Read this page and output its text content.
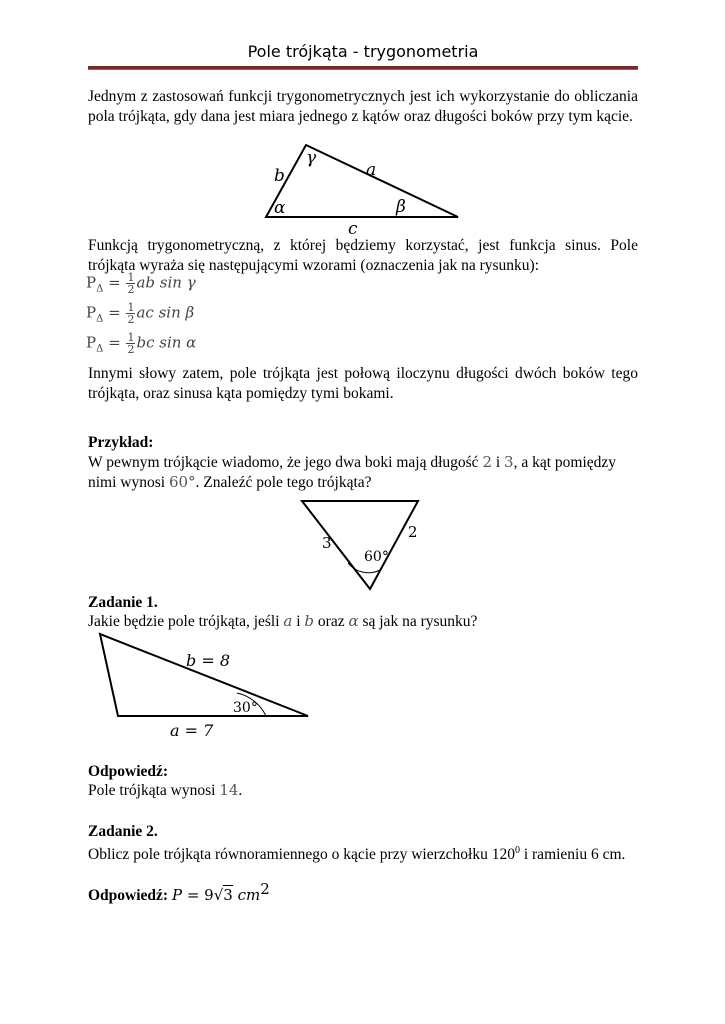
Pole trójkąta - trygonometria
Jednym z zastosowań funkcji trygonometrycznych jest ich wykorzystanie do obliczania pola trójkąta, gdy dana jest miara jednego z kątów oraz długości boków przy tym kącie.
γ
a
b
α	β
c
Funkcją trygonometryczną, z której będziemy korzystać, jest funkcja sinus. Pole trójkąta wyraża się następującymi wzorami (oznaczenia jak na rysunku):
$P_\Delta = \frac{1}{2}$ ab sin γ
$P_\Delta = \frac{1}{2}$ ac sin β
$P_\Delta = \frac{1}{2}$ bc sin α
Innymi słowy zatem, pole trójkąta jest połową iloczynu długości dwóch boków tego trójkąta, oraz sinusa kąta pomiędzy tymi bokami.
Przykład:
W pewnym trójkącie wiadomo, że jego dwa boki mają długość 2 i 3, a kąt pomiędzy
nimi wynosi 60°. Znaleźć pole tego trójkąta?
3
2
60°
Zadanie 1.
Jakie będzie pole trójkąta, jeśli a i b oraz α są jak na rysunku?
b = 8
a = 7
30°
Odpowiedź:
Pole trójkąta wynosi 14.
Zadanie 2.
Oblicz pole trójkąta równoramiennego o kącie przy wierzchołku $120^0$ i ramieniu 6 cm.
Odpowiedź: P = 9√3 $cm^2$
